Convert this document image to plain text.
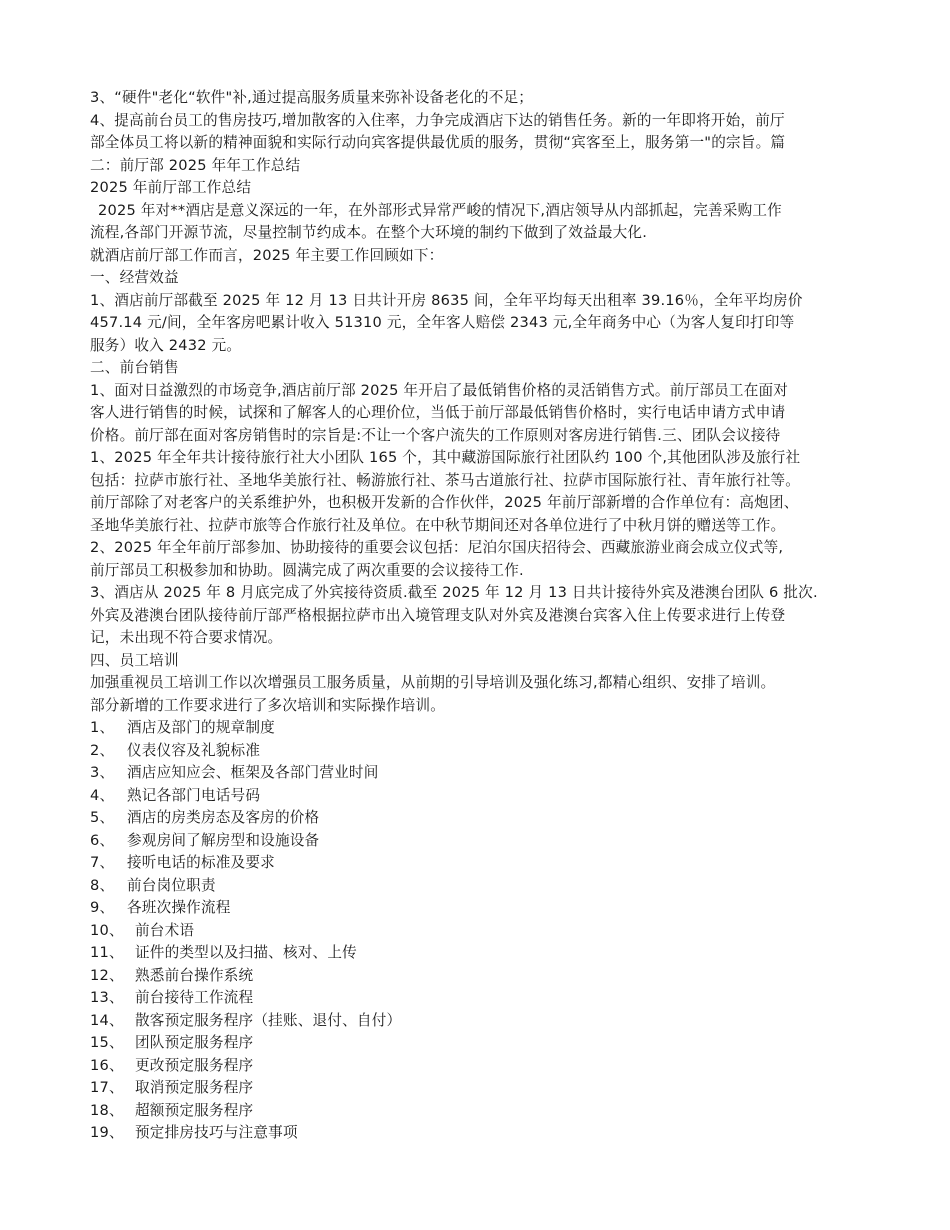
3、“硬件"老化“软件"补,通过提高服务质量来弥补设备老化的不足；
4、提高前台员工的售房技巧,增加散客的入住率，力争完成酒店下达的销售任务。新的一年即将开始，前厅
部全体员工将以新的精神面貌和实际行动向宾客提供最优质的服务，贯彻“宾客至上，服务第一"的宗旨。篇
二：前厅部 2025 年年工作总结
2025 年前厅部工作总结
2025 年对**酒店是意义深远的一年，在外部形式异常严峻的情况下,酒店领导从内部抓起，完善采购工作
流程,各部门开源节流，尽量控制节约成本。在整个大环境的制约下做到了效益最大化.
就酒店前厅部工作而言，2025 年主要工作回顾如下：
一、经营效益
1、酒店前厅部截至 2025 年 12 月 13 日共计开房 8635 间，全年平均每天出租率 39.16％，全年平均房价
457.14 元/间，全年客房吧累计收入 51310 元，全年客人赔偿 2343 元,全年商务中心（为客人复印打印等
服务）收入 2432 元。
二、前台销售
1、面对日益激烈的市场竞争,酒店前厅部 2025 年开启了最低销售价格的灵活销售方式。前厅部员工在面对
客人进行销售的时候，试探和了解客人的心理价位，当低于前厅部最低销售价格时，实行电话申请方式申请
价格。前厅部在面对客房销售时的宗旨是:不让一个客户流失的工作原则对客房进行销售.三、团队会议接待
1、2025 年全年共计接待旅行社大小团队 165 个，其中藏游国际旅行社团队约 100 个,其他团队涉及旅行社
包括：拉萨市旅行社、圣地华美旅行社、畅游旅行社、茶马古道旅行社、拉萨市国际旅行社、青年旅行社等。
前厅部除了对老客户的关系维护外，也积极开发新的合作伙伴，2025 年前厅部新增的合作单位有：高炮团、
圣地华美旅行社、拉萨市旅等合作旅行社及单位。在中秋节期间还对各单位进行了中秋月饼的赠送等工作。
2、2025 年全年前厅部参加、协助接待的重要会议包括：尼泊尔国庆招待会、西藏旅游业商会成立仪式等,
前厅部员工积极参加和协助。圆满完成了两次重要的会议接待工作.
3、酒店从 2025 年 8 月底完成了外宾接待资质.截至 2025 年 12 月 13 日共计接待外宾及港澳台团队 6 批次.
外宾及港澳台团队接待前厅部严格根据拉萨市出入境管理支队对外宾及港澳台宾客入住上传要求进行上传登
记，未出现不符合要求情况。
四、员工培训
加强重视员工培训工作以次增强员工服务质量，从前期的引导培训及强化练习,都精心组织、安排了培训。
部分新增的工作要求进行了多次培训和实际操作培训。
1、 酒店及部门的规章制度
2、 仪表仪容及礼貌标准
3、 酒店应知应会、框架及各部门营业时间
4、 熟记各部门电话号码
5、 酒店的房类房态及客房的价格
6、 参观房间了解房型和设施设备
7、 接听电话的标准及要求
8、 前台岗位职责
9、 各班次操作流程
10、 前台术语
11、 证件的类型以及扫描、核对、上传
12、 熟悉前台操作系统
13、 前台接待工作流程
14、 散客预定服务程序（挂账、退付、自付）
15、 团队预定服务程序
16、 更改预定服务程序
17、 取消预定服务程序
18、 超额预定服务程序
19、 预定排房技巧与注意事项
